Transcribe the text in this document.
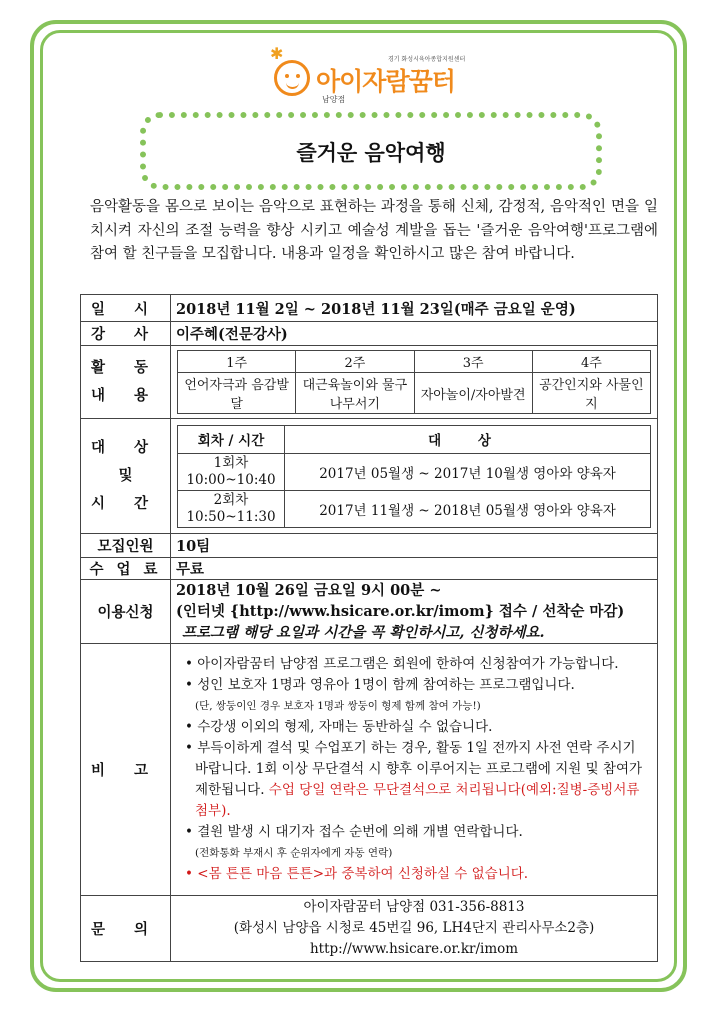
✱	경기 화성시육아종합지원센터
아이자람꿈터
남양점
즐거운 음악여행
음악활동을 몸으로 보이는 음악으로 표현하는 과정을 통해 신체, 감정적, 음악적인 면을 일치시켜 자신의 조절 능력을 향상 시키고 예술성 계발을 돕는 '즐거운 음악여행'프로그램에 참여 할 친구들을 모집합니다. 내용과 일정을 확인하시고 많은 참여 바랍니다.
일 시	2018년 11월 2일 ~ 2018년 11월 23일(매주 금요일 운영)
강 사	이주혜(전문강사)
활 동 내 용	
1주	2주	3주	4주
언어자극과 음감발달	대근육놀이와 물구나무서기	자아놀이/자아발견	공간인지와 사물인지

대 상
및
시 간

회차 / 시간	대 상

1회차
10:00~10:40	2017년 05월생 ~ 2017년 10월생 영아와 양육자

2회차
10:50~11:30	2017년 11월생 ~ 2018년 05월생 영아와 양육자

모집인원	10팀
수 업 료	무료
이용신청	
2018년 10월 26일 금요일 9시 00분 ~
(인터넷 {http://www.hsicare.or.kr/imom} 접수 / 선착순 마감)
프로그램 해당 요일과 시간을 꼭 확인하시고, 신청하세요.

비 고	
• 아이자람꿈터 남양점 프로그램은 회원에 한하여 신청참여가 가능합니다.
• 성인 보호자 1명과 영유아 1명이 함께 참여하는 프로그램입니다.
(단, 쌍둥이인 경우 보호자 1명과 쌍둥이 형제 함께 참여 가능!)
• 수강생 이외의 형제, 자매는 동반하실 수 없습니다.
• 부득이하게 결석 및 수업포기 하는 경우, 활동 1일 전까지 사전 연락 주시기 바랍니다. 1회 이상 무단결석 시 향후 이루어지는 프로그램에 지원 및 참여가 제한됩니다. 수업 당일 연락은 무단결석으로 처리됩니다(예외:질병-증빙서류첨부).
• 결원 발생 시 대기자 접수 순번에 의해 개별 연락합니다.
(전화통화 부재시 후 순위자에게 자동 연락)
• <몸 튼튼 마음 튼튼>과 중복하여 신청하실 수 없습니다.

문 의	
아이자람꿈터 남양점 031-356-8813
(화성시 남양읍 시청로 45번길 96, LH4단지 관리사무소2층)
http://www.hsicare.or.kr/imom
